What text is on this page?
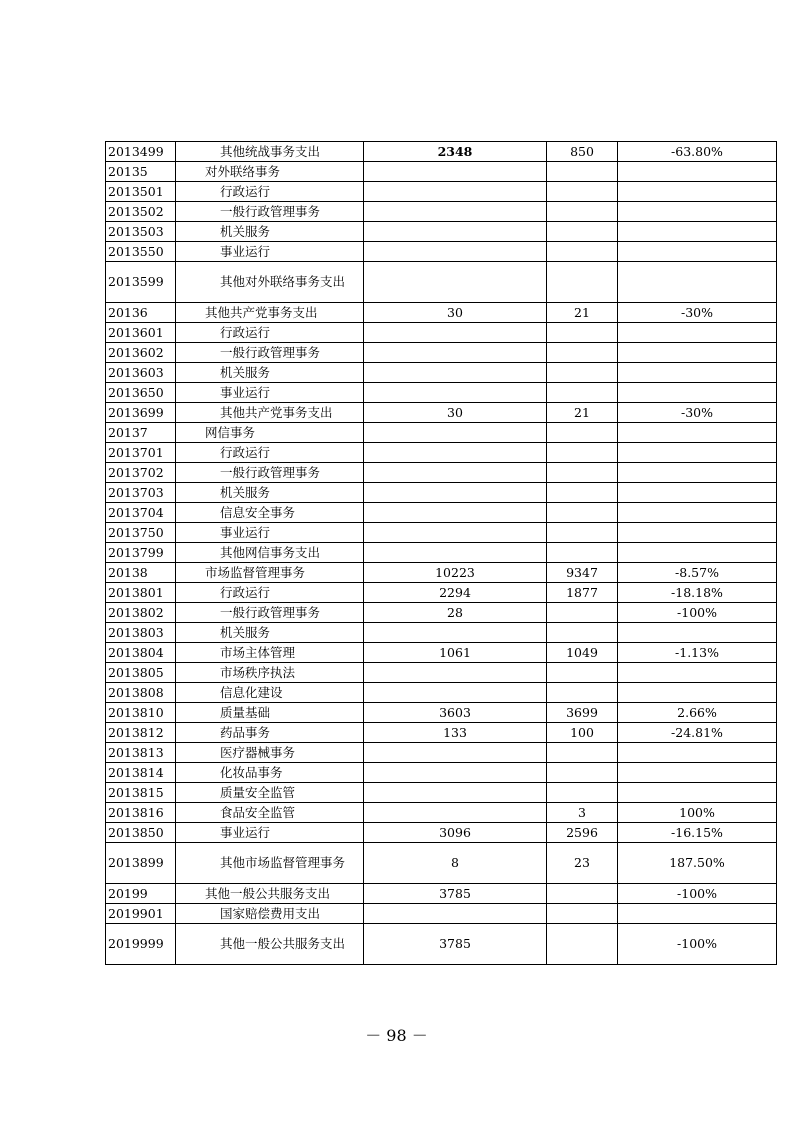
2013499	其他统战事务支出	2348	850	-63.80%
20135	对外联络事务			
2013501	行政运行			
2013502	一般行政管理事务			
2013503	机关服务			
2013550	事业运行			
2013599	其他对外联络事务支出			
20136	其他共产党事务支出	30	21	-30%
2013601	行政运行			
2013602	一般行政管理事务			
2013603	机关服务			
2013650	事业运行			
2013699	其他共产党事务支出	30	21	-30%
20137	网信事务			
2013701	行政运行			
2013702	一般行政管理事务			
2013703	机关服务			
2013704	信息安全事务			
2013750	事业运行			
2013799	其他网信事务支出			
20138	市场监督管理事务	10223	9347	-8.57%
2013801	行政运行	2294	1877	-18.18%
2013802	一般行政管理事务	28		-100%
2013803	机关服务			
2013804	市场主体管理	1061	1049	-1.13%
2013805	市场秩序执法			
2013808	信息化建设			
2013810	质量基础	3603	3699	2.66%
2013812	药品事务	133	100	-24.81%
2013813	医疗器械事务			
2013814	化妆品事务			
2013815	质量安全监管			
2013816	食品安全监管		3	100%
2013850	事业运行	3096	2596	-16.15%
2013899	其他市场监督管理事务	8	23	187.50%
20199	其他一般公共服务支出	3785		-100%
2019901	国家赔偿费用支出			
2019999	其他一般公共服务支出	3785		-100%
－ 98 －
